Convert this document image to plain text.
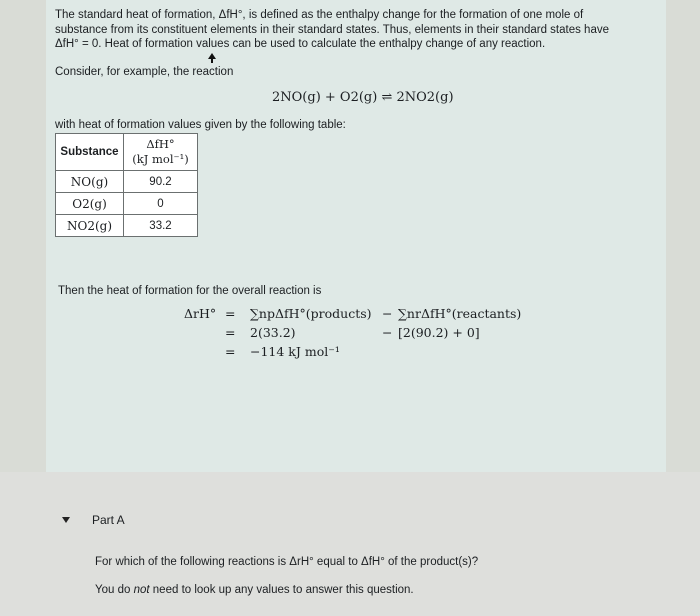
The standard heat of formation, ΔfH°, is defined as the enthalpy change for the formation of one mole of
substance from its constituent elements in their standard states. Thus, elements in their standard states have
ΔfH° = 0. Heat of formation values can be used to calculate the enthalpy change of any reaction.
Consider, for example, the reaction
2NO(g) + O2(g) ⇌ 2NO2(g)
with heat of formation values given by the following table:
Substance	ΔfH°
(kJ mol⁻¹)

NO(g)	90.2
O2(g)	0
NO2(g)	33.2
Then the heat of formation for the overall reaction is
ΔrH° = ∑npΔfH°(products) − ∑nrΔfH°(reactants)
= 2(33.2)	− [2(90.2) + 0]
= −114 kJ mol⁻¹
Part A
For which of the following reactions is ΔrH° equal to ΔfH° of the product(s)?
You do not need to look up any values to answer this question.
